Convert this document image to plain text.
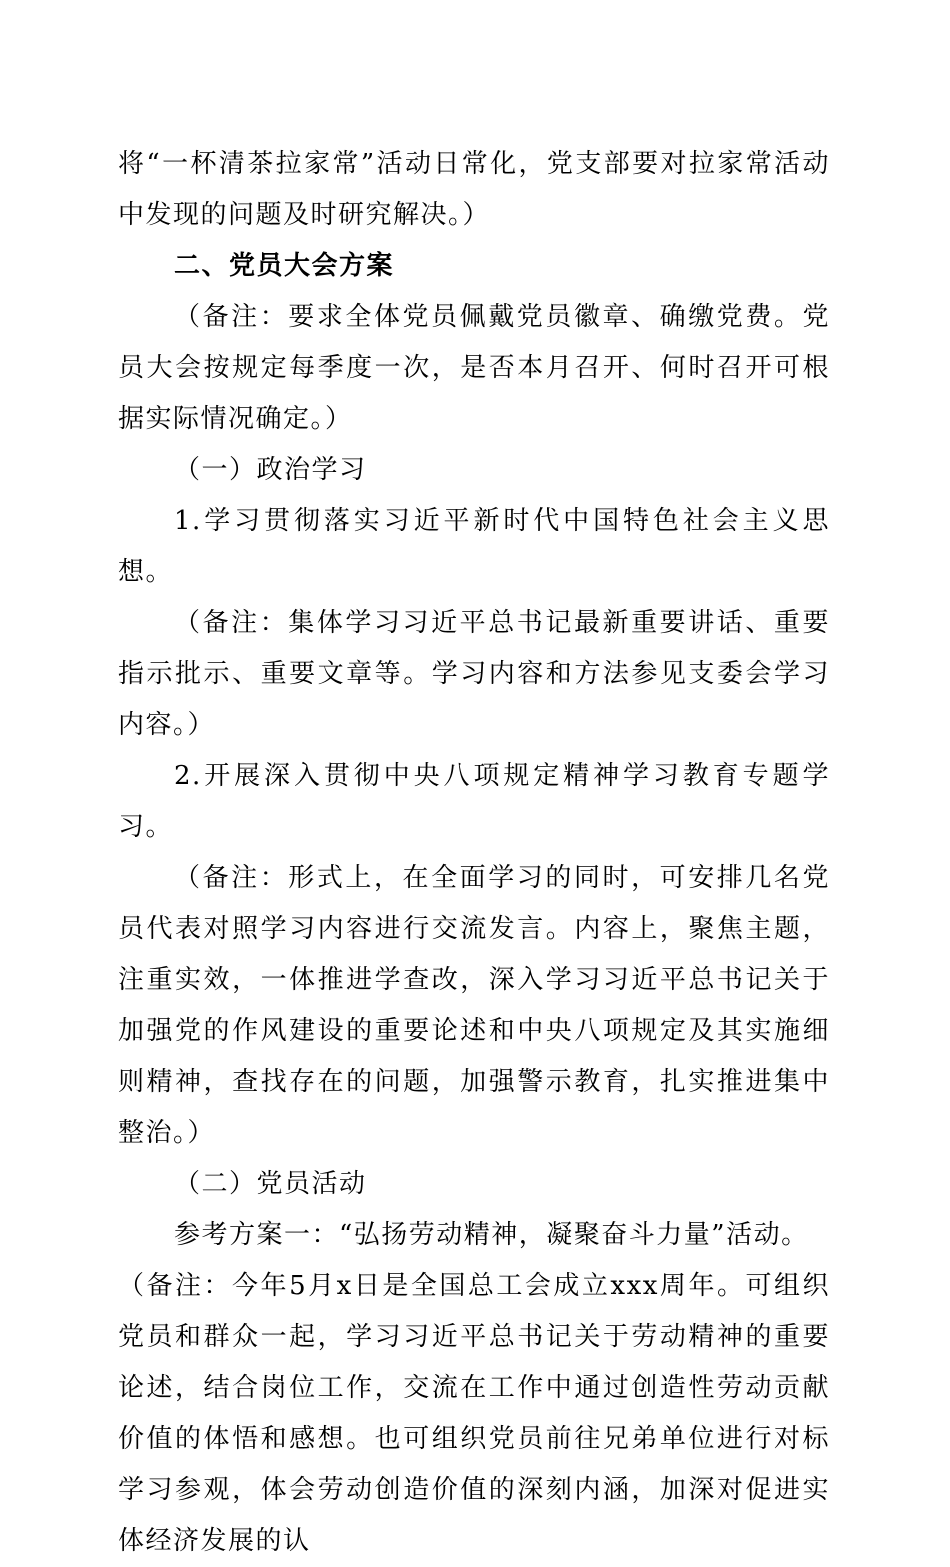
将“一杯清茶拉家常”活动日常化，党支部要对拉家常活动中发现的问题及时研究解决。）

二、党员大会方案

（备注：要求全体党员佩戴党员徽章、确缴党费。党员大会按规定每季度一次，是否本月召开、何时召开可根据实际情况确定。）

（一）政治学习

1.学习贯彻落实习近平新时代中国特色社会主义思想。

（备注：集体学习习近平总书记最新重要讲话、重要指示批示、重要文章等。学习内容和方法参见支委会学习内容。）

2.开展深入贯彻中央八项规定精神学习教育专题学习。

（备注：形式上，在全面学习的同时，可安排几名党员代表对照学习内容进行交流发言。内容上，聚焦主题，注重实效，一体推进学查改，深入学习习近平总书记关于加强党的作风建设的重要论述和中央八项规定及其实施细则精神，查找存在的问题，加强警示教育，扎实推进集中整治。）

（二）党员活动

参考方案一：“弘扬劳动精神，凝聚奋斗力量”活动。

（备注：今年5月x日是全国总工会成立xxx周年。可组织党员和群众一起，学习习近平总书记关于劳动精神的重要论述，结合岗位工作，交流在工作中通过创造性劳动贡献价值的体悟和感想。也可组织党员前往兄弟单位进行对标学习参观，体会劳动创造价值的深刻内涵，加深对促进实体经济发展的认
